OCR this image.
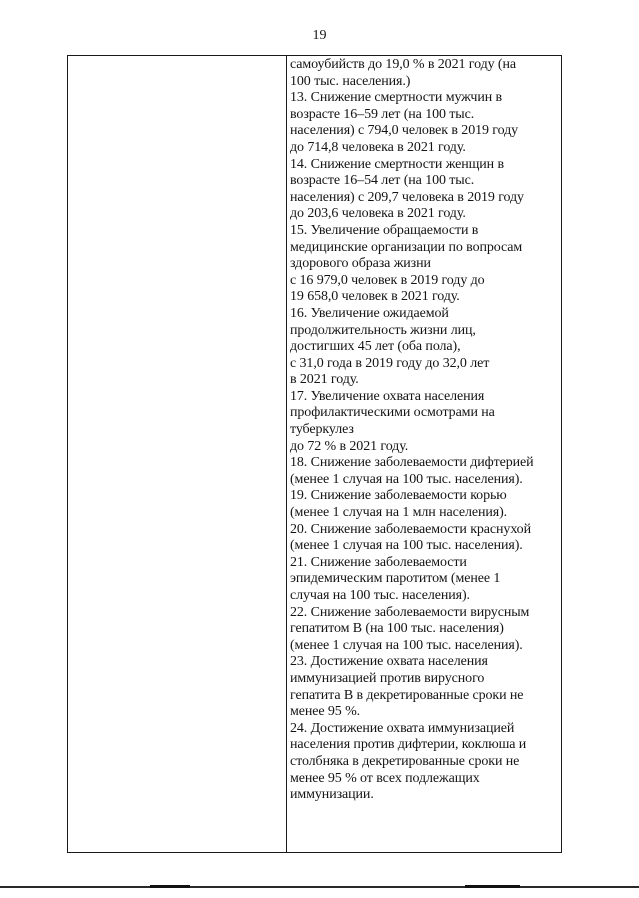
19
самоубийств до 19,0 % в 2021 году (на
100 тыс. населения.)
13. Снижение смертности мужчин в
возрасте 16–59 лет (на 100 тыс.
населения) с 794,0 человек в 2019 году
до 714,8 человека в 2021 году.
14. Снижение смертности женщин в
возрасте 16–54 лет (на 100 тыс.
населения) с 209,7 человека в 2019 году
до 203,6 человека в 2021 году.
15. Увеличение обращаемости в
медицинские организации по вопросам
здорового образа жизни
с 16 979,0 человек в 2019 году до
19 658,0 человек в 2021 году.
16. Увеличение ожидаемой
продолжительность жизни лиц,
достигших 45 лет (оба пола),
с 31,0 года в 2019 году до 32,0 лет
в 2021 году.
17. Увеличение охвата населения
профилактическими осмотрами на
туберкулез
до 72 % в 2021 году.
18. Снижение заболеваемости дифтерией
(менее 1 случая на 100 тыс. населения).
19. Снижение заболеваемости корью
(менее 1 случая на 1 млн населения).
20. Снижение заболеваемости краснухой
(менее 1 случая на 100 тыс. населения).
21. Снижение заболеваемости
эпидемическим паротитом (менее 1
случая на 100 тыс. населения).
22. Снижение заболеваемости вирусным
гепатитом В (на 100 тыс. населения)
(менее 1 случая на 100 тыс. населения).
23. Достижение охвата населения
иммунизацией против вирусного
гепатита В в декретированные сроки не
менее 95 %.
24. Достижение охвата иммунизацией
населения против дифтерии, коклюша и
столбняка в декретированные сроки не
менее 95 % от всех подлежащих
иммунизации.
